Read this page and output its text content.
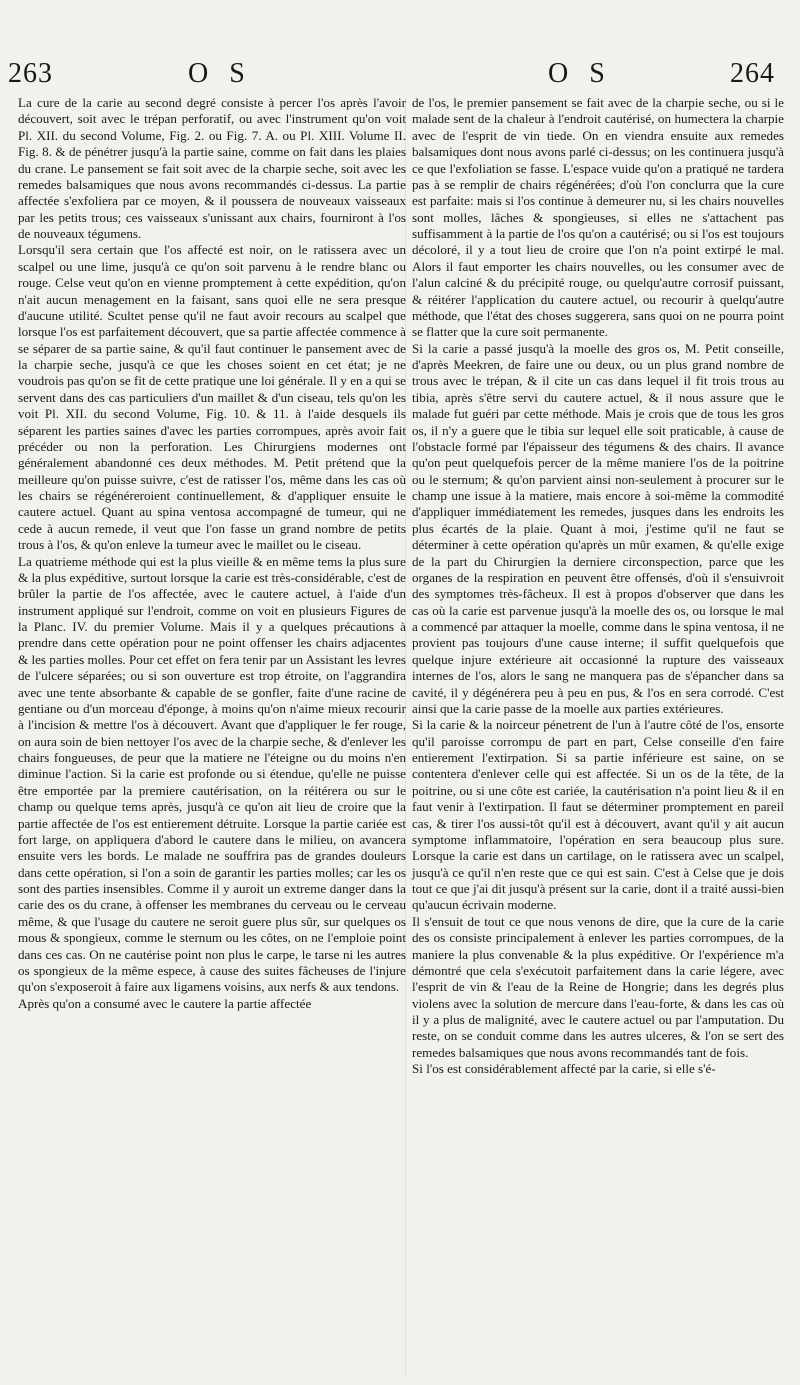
263	O S	O S	264

La cure de la carie au second degré consiste à percer l'os après l'avoir découvert, soit avec le trépan perforatif, ou avec l'instrument qu'on voit Pl. XII. du second Volume, Fig. 2. ou Fig. 7. A. ou Pl. XIII. Volume II. Fig. 8. & de pénétrer jusqu'à la partie saine, comme on fait dans les plaies du crane. Le pansement se fait soit avec de la charpie seche, soit avec les remedes balsamiques que nous avons recommandés ci-dessus. La partie affectée s'exfoliera par ce moyen, & il poussera de nouveaux vaisseaux par les petits trous; ces vaisseaux s'unissant aux chairs, fourniront à l'os de nouveaux tégumens.

Lorsqu'il sera certain que l'os affecté est noir, on le ratissera avec un scalpel ou une lime, jusqu'à ce qu'on soit parvenu à le rendre blanc ou rouge. Celse veut qu'on en vienne promptement à cette expédition, qu'on n'ait aucun menagement en la faisant, sans quoi elle ne sera presque d'aucune utilité. Scultet pense qu'il ne faut avoir recours au scalpel que lorsque l'os est parfaitement découvert, que sa partie affectée commence à se séparer de sa partie saine, & qu'il faut continuer le pansement avec de la charpie seche, jusqu'à ce que les choses soient en cet état; je ne voudrois pas qu'on se fit de cette pratique une loi générale. Il y en a qui se servent dans des cas particuliers d'un maillet & d'un ciseau, tels qu'on les voit Pl. XII. du second Volume, Fig. 10. & 11. à l'aide desquels ils séparent les parties saines d'avec les parties corrompues, après avoir fait précéder ou non la perforation. Les Chirurgiens modernes ont généralement abandonné ces deux méthodes. M. Petit prétend que la meilleure qu'on puisse suivre, c'est de ratisser l'os, même dans les cas où les chairs se régénéreroient continuellement, & d'appliquer ensuite le cautere actuel. Quant au spina ventosa accompagné de tumeur, qui ne cede à aucun remede, il veut que l'on fasse un grand nombre de petits trous à l'os, & qu'on enleve la tumeur avec le maillet ou le ciseau.

La quatrieme méthode qui est la plus vieille & en même tems la plus sure & la plus expéditive, surtout lorsque la carie est très-considérable, c'est de brûler la partie de l'os affectée, avec le cautere actuel, à l'aide d'un instrument appliqué sur l'endroit, comme on voit en plusieurs Figures de la Planc. IV. du premier Volume. Mais il y a quelques précautions à prendre dans cette opération pour ne point offenser les chairs adjacentes & les parties molles. Pour cet effet on fera tenir par un Assistant les levres de l'ulcere séparées; ou si son ouverture est trop étroite, on l'aggrandira avec une tente absorbante & capable de se gonfler, faite d'une racine de gentiane ou d'un morceau d'éponge, à moins qu'on n'aime mieux recourir à l'incision & mettre l'os à découvert. Avant que d'appliquer le fer rouge, on aura soin de bien nettoyer l'os avec de la charpie seche, & d'enlever les chairs fongueuses, de peur que la matiere ne l'éteigne ou du moins n'en diminue l'action. Si la carie est profonde ou si étendue, qu'elle ne puisse être emportée par la premiere cautérisation, on la réitérera ou sur le champ ou quelque tems après, jusqu'à ce qu'on ait lieu de croire que la partie affectée de l'os est entierement détruite. Lorsque la partie cariée est fort large, on appliquera d'abord le cautere dans le milieu, on avancera ensuite vers les bords. Le malade ne souffrira pas de grandes douleurs dans cette opération, si l'on a soin de garantir les parties molles; car les os sont des parties insensibles. Comme il y auroit un extreme danger dans la carie des os du crane, à offenser les membranes du cerveau ou le cerveau même, & que l'usage du cautere ne seroit guere plus sûr, sur quelques os mous & spongieux, comme le sternum ou les côtes, on ne l'emploie point dans ces cas. On ne cautérise point non plus le carpe, le tarse ni les autres os spongieux de la même espece, à cause des suites fâcheuses de l'injure qu'on s'exposeroit à faire aux ligamens voisins, aux nerfs & aux tendons.

Après qu'on a consumé avec le cautere la partie affectée

de l'os, le premier pansement se fait avec de la charpie seche, ou si le malade sent de la chaleur à l'endroit cautérisé, on humectera la charpie avec de l'esprit de vin tiede. On en viendra ensuite aux remedes balsamiques dont nous avons parlé ci-dessus; on les continuera jusqu'à ce que l'exfoliation se fasse. L'espace vuide qu'on a pratiqué ne tardera pas à se remplir de chairs régénérées; d'où l'on conclurra que la cure est parfaite: mais si l'os continue à demeurer nu, si les chairs nouvelles sont molles, lâches & spongieuses, si elles ne s'attachent pas suffisamment à la partie de l'os qu'on a cautérisé; ou si l'os est toujours décoloré, il y a tout lieu de croire que l'on n'a point extirpé le mal. Alors il faut emporter les chairs nouvelles, ou les consumer avec de l'alun calciné & du précipité rouge, ou quelqu'autre corrosif puissant, & réitérer l'application du cautere actuel, ou recourir à quelqu'autre méthode, que l'état des choses suggerera, sans quoi on ne pourra point se flatter que la cure soit permanente.

Si la carie a passé jusqu'à la moelle des gros os, M. Petit conseille, d'après Meekren, de faire une ou deux, ou un plus grand nombre de trous avec le trépan, & il cite un cas dans lequel il fit trois trous au tibia, après s'être servi du cautere actuel, & il nous assure que le malade fut guéri par cette méthode. Mais je crois que de tous les gros os, il n'y a guere que le tibia sur lequel elle soit praticable, à cause de l'obstacle formé par l'épaisseur des tégumens & des chairs. Il avance qu'on peut quelquefois percer de la même maniere l'os de la poitrine ou le sternum; & qu'on parvient ainsi non-seulement à procurer sur le champ une issue à la matiere, mais encore à soi-même la commodité d'appliquer immédiatement les remedes, jusques dans les endroits les plus écartés de la plaie. Quant à moi, j'estime qu'il ne faut se déterminer à cette opération qu'après un mûr examen, & qu'elle exige de la part du Chirurgien la derniere circonspection, parce que les organes de la respiration en peuvent être offensés, d'où il s'ensuivroit des symptomes très-fâcheux. Il est à propos d'observer que dans les cas où la carie est parvenue jusqu'à la moelle des os, ou lorsque le mal a commencé par attaquer la moelle, comme dans le spina ventosa, il ne provient pas toujours d'une cause interne; il suffit quelquefois que quelque injure extérieure ait occasionné la rupture des vaisseaux internes de l'os, alors le sang ne manquera pas de s'épancher dans sa cavité, il y dégénérera peu à peu en pus, & l'os en sera corrodé. C'est ainsi que la carie passe de la moelle aux parties extérieures.

Si la carie & la noirceur pénetrent de l'un à l'autre côté de l'os, ensorte qu'il paroisse corrompu de part en part, Celse conseille d'en faire entierement l'extirpation. Si sa partie inférieure est saine, on se contentera d'enlever celle qui est affectée. Si un os de la tête, de la poitrine, ou si une côte est cariée, la cautérisation n'a point lieu & il en faut venir à l'extirpation. Il faut se déterminer promptement en pareil cas, & tirer l'os aussi-tôt qu'il est à découvert, avant qu'il y ait aucun symptome inflammatoire, l'opération en sera beaucoup plus sure. Lorsque la carie est dans un cartilage, on le ratissera avec un scalpel, jusqu'à ce qu'il n'en reste que ce qui est sain. C'est à Celse que je dois tout ce que j'ai dit jusqu'à présent sur la carie, dont il a traité aussi-bien qu'aucun écrivain moderne.

Il s'ensuit de tout ce que nous venons de dire, que la cure de la carie des os consiste principalement à enlever les parties corrompues, de la maniere la plus convenable & la plus expéditive. Or l'expérience m'a démontré que cela s'exécutoit parfaitement dans la carie légere, avec l'esprit de vin & l'eau de la Reine de Hongrie; dans les degrés plus violens avec la solution de mercure dans l'eau-forte, & dans les cas où il y a plus de malignité, avec le cautere actuel ou par l'amputation. Du reste, on se conduit comme dans les autres ulceres, & l'on se sert des remedes balsamiques que nous avons recommandés tant de fois.

Si l'os est considérablement affecté par la carie, si elle s'é-
